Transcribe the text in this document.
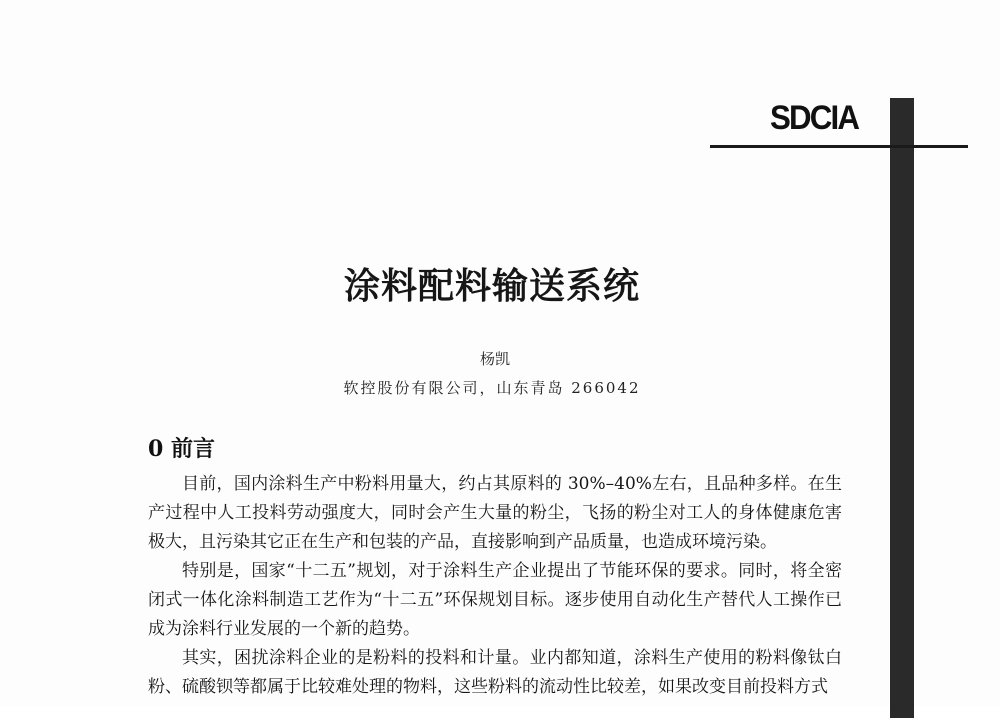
SDCIA
涂料配料输送系统
杨凯
软控股份有限公司，山东青岛 266042
0 前言

目前，国内涂料生产中粉料用量大，约占其原料的 30%–40%左右，且品种多样。在生产过程中人工投料劳动强度大，同时会产生大量的粉尘，飞扬的粉尘对工人的身体健康危害极大，且污染其它正在生产和包装的产品，直接影响到产品质量，也造成环境污染。

特别是，国家“十二五”规划，对于涂料生产企业提出了节能环保的要求。同时，将全密闭式一体化涂料制造工艺作为“十二五”环保规划目标。逐步使用自动化生产替代人工操作已成为涂料行业发展的一个新的趋势。

其实，困扰涂料企业的是粉料的投料和计量。业内都知道，涂料生产使用的粉料像钛白粉、硫酸钡等都属于比较难处理的物料，这些粉料的流动性比较差，如果改变目前投料方式
